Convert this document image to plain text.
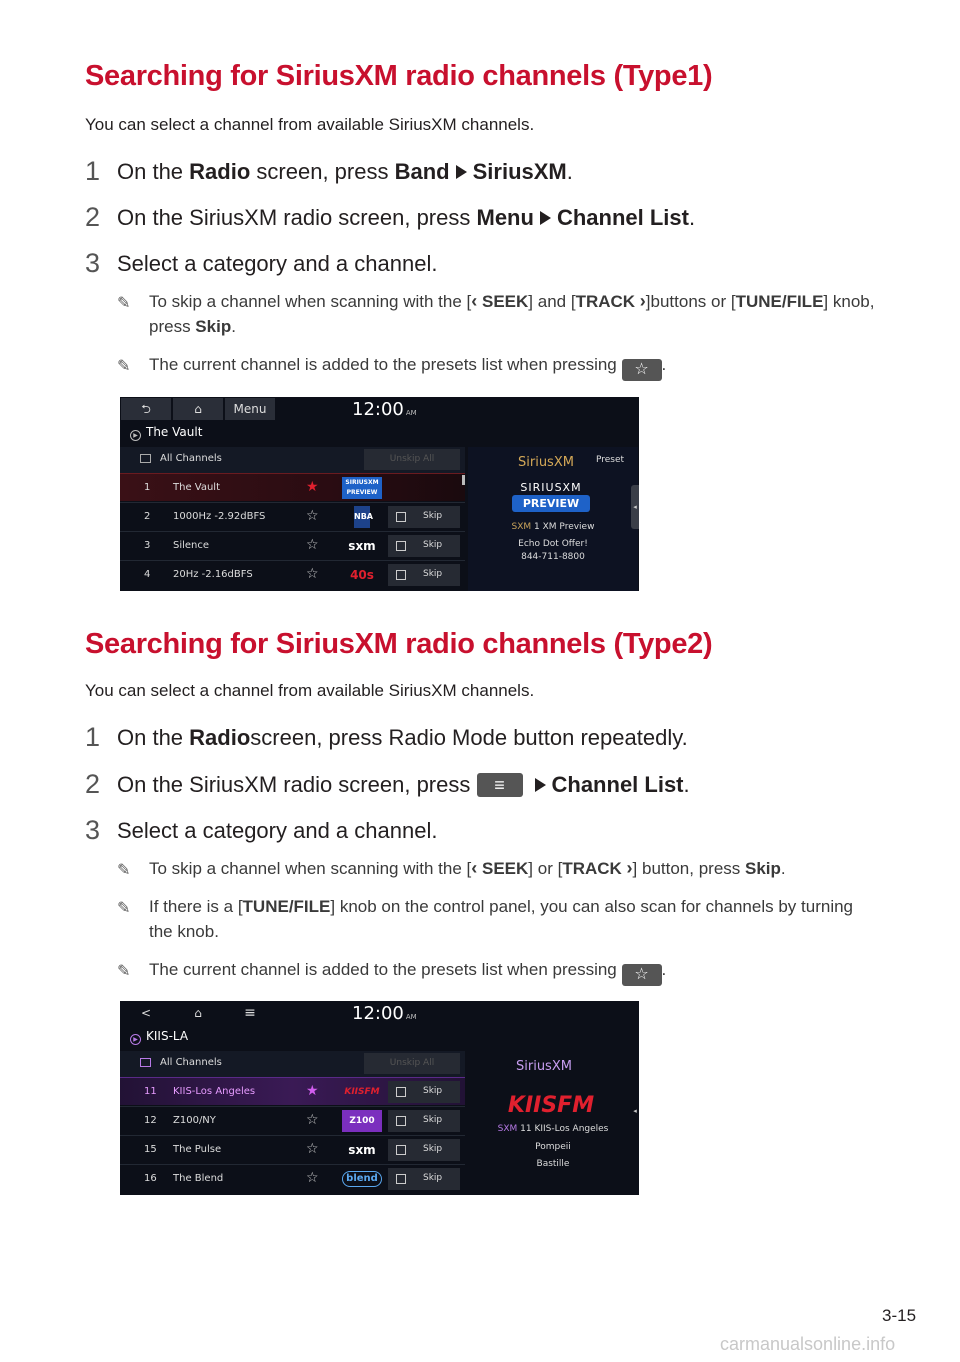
Searching for SiriusXM radio channels (Type1)
You can select a channel from available SiriusXM channels.
1 On the
Radio
screen, press
Band SiriusXM .
2 On the SiriusXM radio screen, press
Menu Channel List .
3 Select a category and a channel.
✎	To skip a channel when scanning with the [‹ SEEK] and [TRACK ›]buttons or [TUNE/FILE] knob, press Skip.
✎	The current channel is added to the presets list when pressing ☆ .
⮌	⌂	Menu	12:00 AM
▶ The Vault
All Channels	Unskip All
1	The Vault	★	SIRIUSXM PREVIEW
2	1000Hz -2.92dBFS	☆	NBA	Skip
3	Silence	☆	sxm	Skip
4	20Hz -2.16dBFS	☆	40s	Skip
SiriusXM Preset
SIRIUSXM
PREVIEW
SXM 1 XM Preview
Echo Dot Offer!
844-711-8800
◂
Searching for SiriusXM radio channels (Type2)
You can select a channel from available SiriusXM channels.
1 On the
Radio screen, press Radio Mode button repeatedly.
2 On the SiriusXM radio screen, press
	≡	Channel List .
3 Select a category and a channel.
✎	To skip a channel when scanning with the [‹ SEEK] or [TRACK ›] button, press Skip.
✎	If there is a [TUNE/FILE] knob on the control panel, you can also scan for channels by turning the knob.
✎	The current channel is added to the presets list when pressing ☆ .
<	⌂	≡	12:00 AM
▶ KIIS-LA
All Channels	Unskip All
11	KIIS-Los Angeles	★	KIISFM	Skip
12	Z100/NY	☆	Z100	Skip
15	The Pulse	☆	sxm	Skip
16	The Blend	☆	blend	Skip
SiriusXM
KIISFM
SXM 11 KIIS-Los Angeles
Pompeii
Bastille
◂
3-15
carmanualsonline.info
